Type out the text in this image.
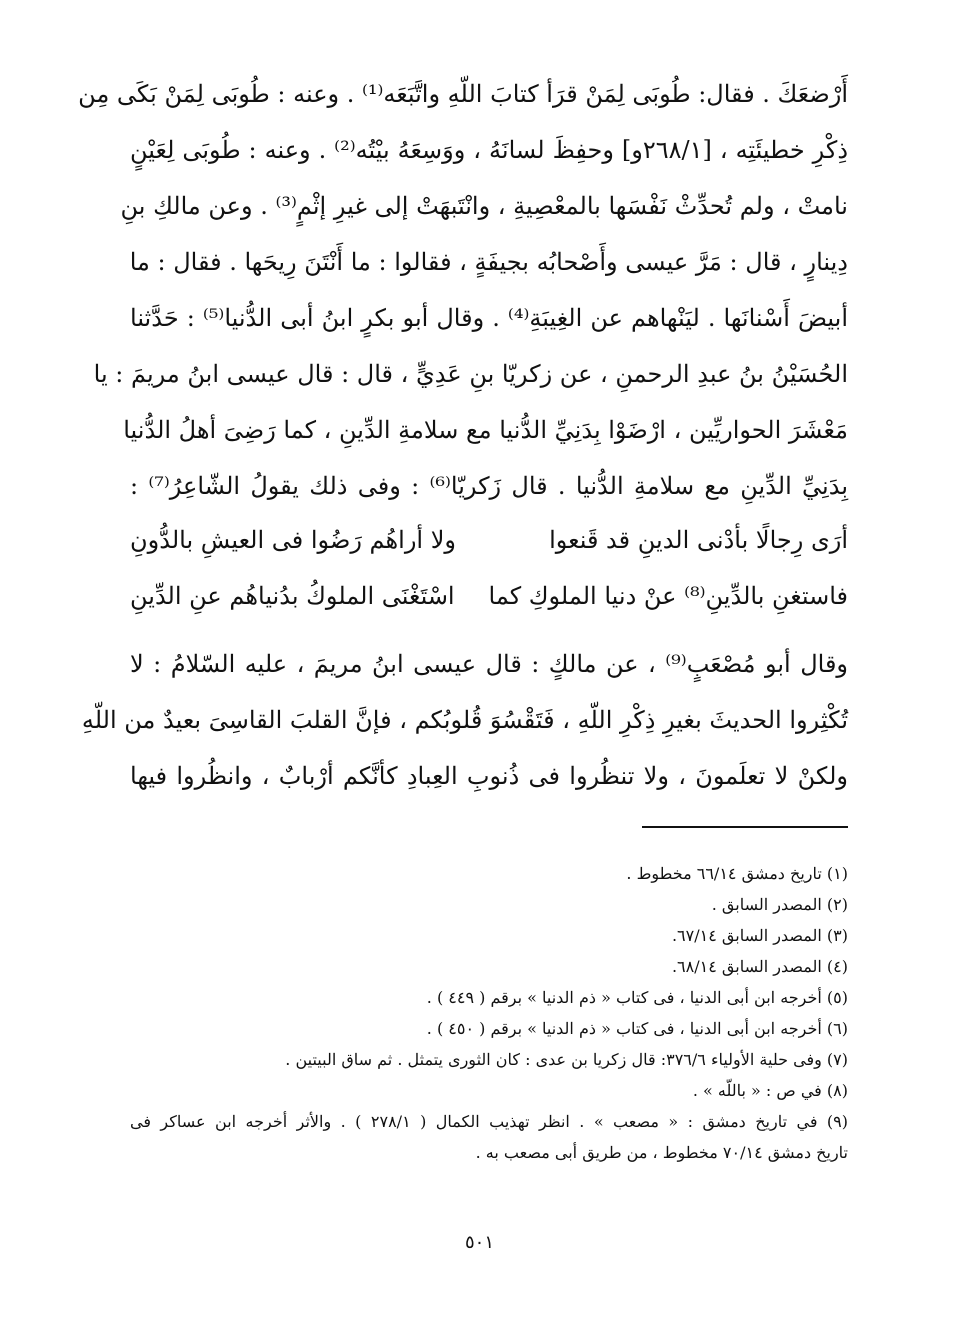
أَرْضعَكَ . فقال: طُوبَى لِمَنْ قرَأ كتابَ اللّهِ واتَّبَعَه⁽¹⁾ . وعنه : طُوبَى لِمَنْ بَكَى مِن
ذِكْرِ خطيئَتِه ، [٢٦٨/١و] وحفِظَ لسانَهُ ، ووَسِعَهُ بيْتُه⁽²⁾ . وعنه : طُوبَى لِعَيْنٍ
نامتْ ، ولم تُحدِّثْ نَفْسَها بالمعْصِيةِ ، وانْتَبهَتْ إلى غيرِ إثْمٍ⁽³⁾ . وعن مالكِ بنِ
دِينارٍ ، قال : مَرَّ عيسى وأَصْحابُه بجيفَةٍ ، فقالوا : ما أَنْتَنَ رِيحَها . فقال : ما
أبيضَ أَسْنانَها . ليَنْهاهم عن الغِيبَةِ⁽⁴⁾ . وقال أبو بكرٍ ابنُ أبى الدُّنيا⁽⁵⁾ : حَدَّثنا
الحُسَيْنُ بنُ عبدِ الرحمنِ ، عن زكريّا بنِ عَدِيٍّ ، قال : قال عيسى ابنُ مريمَ : يا
مَعْشَرَ الحواريِّين ، ارْضَوْا بِدَنِيِّ الدُّنيا مع سلامةِ الدِّينِ ، كما رَضِىَ أهلُ الدُّنيا
بِدَنِيِّ الدِّينِ مع سلامةِ الدُّنيا . قال زَكريّا⁽⁶⁾ : وفى ذلك يقولُ الشّاعِرُ⁽⁷⁾ :
أرَى رِجالًا بأدْنى الدينِ قد قَنعوا
ولا أراهُم رَضُوا فى العيشِ بالدُّونِ
فاستغنِ بالدِّينِ⁽⁸⁾ عنْ دنيا الملوكِ كما
اسْتَغْنَى الملوكُ بدُنياهُم عنِ الدِّينِ
وقال أبو مُصْعَبٍ⁽⁹⁾ ، عن مالكٍ : قال عيسى ابنُ مريمَ ، عليه السّلامُ : لا
تُكْثِروا الحديثَ بغيرِ ذِكْرِ اللّهِ ، فَتَقْسُوَ قُلوبُكم ، فإنَّ القلبَ القاسِىَ بعيدٌ من اللّهِ
ولكنْ لا تعلَمونَ ، ولا تنظُروا فى ذُنوبِ العِبادِ كأنَّكم أرْبابٌ ، وانظُروا فيها
(١) تاريخ دمشق ٦٦/١٤ مخطوط .
(٢) المصدر السابق .
(٣) المصدر السابق ٦٧/١٤.
(٤) المصدر السابق ٦٨/١٤.
(٥) أخرجه ابن أبى الدنيا ، فى كتاب « ذم الدنيا » برقم ( ٤٤٩ ) .
(٦) أخرجه ابن أبى الدنيا ، فى كتاب « ذم الدنيا » برقم ( ٤٥٠ ) .
(٧) وفى حلية الأولياء ٣٧٦/٦: قال زكريا بن عدى : كان الثورى يتمثل . ثم ساق البيتين .
(٨) في ص : « باللّه » .
(٩) في تاريخ دمشق : « مصعب » . انظر تهذيب الكمال ( ٢٧٨/١ ) . والأثر أخرجه ابن عساكر فى
تاريخ دمشق ٧٠/١٤ مخطوط ، من طريق أبى مصعب به .
٥٠١
